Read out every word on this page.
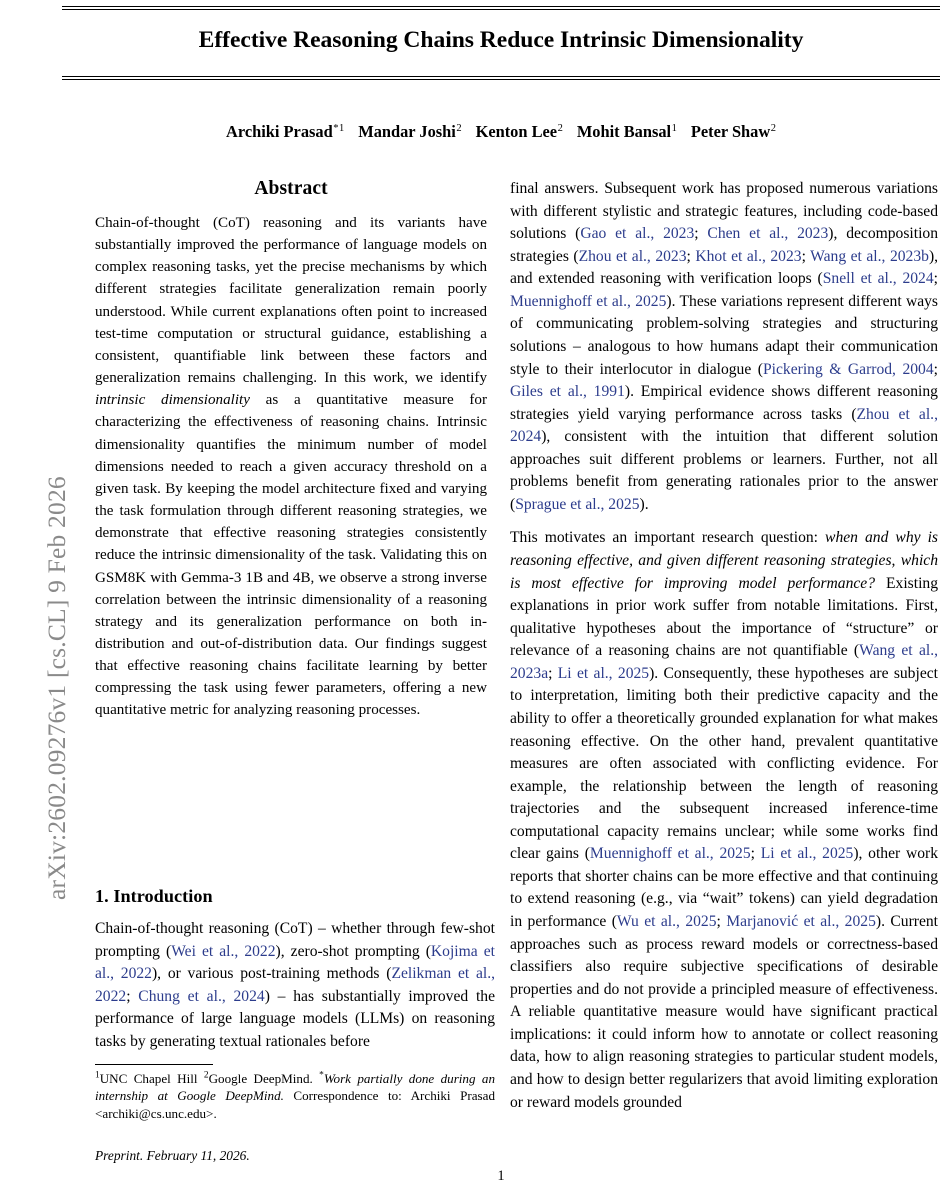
arXiv:2602.09276v1 [cs.CL] 9 Feb 2026
Effective Reasoning Chains Reduce Intrinsic Dimensionality
Archiki Prasad$^{*1}$ Mandar Joshi$^2$ Kenton Lee$^2$ Mohit Bansal$^1$ Peter Shaw$^2$
Abstract

Chain-of-thought (CoT) reasoning and its variants have substantially improved the performance of language models on complex reasoning tasks, yet the precise mechanisms by which different strategies facilitate generalization remain poorly understood. While current explanations often point to increased test-time computation or structural guidance, establishing a consistent, quantifiable link between these factors and generalization remains challenging. In this work, we identify intrinsic dimensionality as a quantitative measure for characterizing the effectiveness of reasoning chains. Intrinsic dimensionality quantifies the minimum number of model dimensions needed to reach a given accuracy threshold on a given task. By keeping the model architecture fixed and varying the task formulation through different reasoning strategies, we demonstrate that effective reasoning strategies consistently reduce the intrinsic dimensionality of the task. Validating this on GSM8K with Gemma-3 1B and 4B, we observe a strong inverse correlation between the intrinsic dimensionality of a reasoning strategy and its generalization performance on both in-distribution and out-of-distribution data. Our findings suggest that effective reasoning chains facilitate learning by better compressing the task using fewer parameters, offering a new quantitative metric for analyzing reasoning processes.

1. Introduction

Chain-of-thought reasoning (CoT) – whether through few-shot prompting (Wei et al., 2022), zero-shot prompting (Kojima et al., 2022), or various post-training methods (Zelikman et al., 2022; Chung et al., 2024) – has substantially improved the performance of large language models (LLMs) on reasoning tasks by generating textual rationales before

$^1$UNC Chapel Hill $^2$Google DeepMind. *Work partially done during an internship at Google DeepMind. Correspondence to: Archiki Prasad <archiki@cs.unc.edu>.

Preprint. February 11, 2026.

final answers. Subsequent work has proposed numerous variations with different stylistic and strategic features, including code-based solutions (Gao et al., 2023; Chen et al., 2023), decomposition strategies (Zhou et al., 2023; Khot et al., 2023; Wang et al., 2023b), and extended reasoning with verification loops (Snell et al., 2024; Muennighoff et al., 2025). These variations represent different ways of communicating problem-solving strategies and structuring solutions – analogous to how humans adapt their communication style to their interlocutor in dialogue (Pickering & Garrod, 2004; Giles et al., 1991). Empirical evidence shows different reasoning strategies yield varying performance across tasks (Zhou et al., 2024), consistent with the intuition that different solution approaches suit different problems or learners. Further, not all problems benefit from generating rationales prior to the answer (Sprague et al., 2025).

This motivates an important research question: when and why is reasoning effective, and given different reasoning strategies, which is most effective for improving model performance? Existing explanations in prior work suffer from notable limitations. First, qualitative hypotheses about the importance of “structure” or relevance of a reasoning chains are not quantifiable (Wang et al., 2023a; Li et al., 2025). Consequently, these hypotheses are subject to interpretation, limiting both their predictive capacity and the ability to offer a theoretically grounded explanation for what makes reasoning effective. On the other hand, prevalent quantitative measures are often associated with conflicting evidence. For example, the relationship between the length of reasoning trajectories and the subsequent increased inference-time computational capacity remains unclear; while some works find clear gains (Muennighoff et al., 2025; Li et al., 2025), other work reports that shorter chains can be more effective and that continuing to extend reasoning (e.g., via “wait” tokens) can yield degradation in performance (Wu et al., 2025; Marjanović et al., 2025). Current approaches such as process reward models or correctness-based classifiers also require subjective specifications of desirable properties and do not provide a principled measure of effectiveness. A reliable quantitative measure would have significant practical implications: it could inform how to annotate or collect reasoning data, how to align reasoning strategies to particular student models, and how to design better regularizers that avoid limiting exploration or reward models grounded

1
